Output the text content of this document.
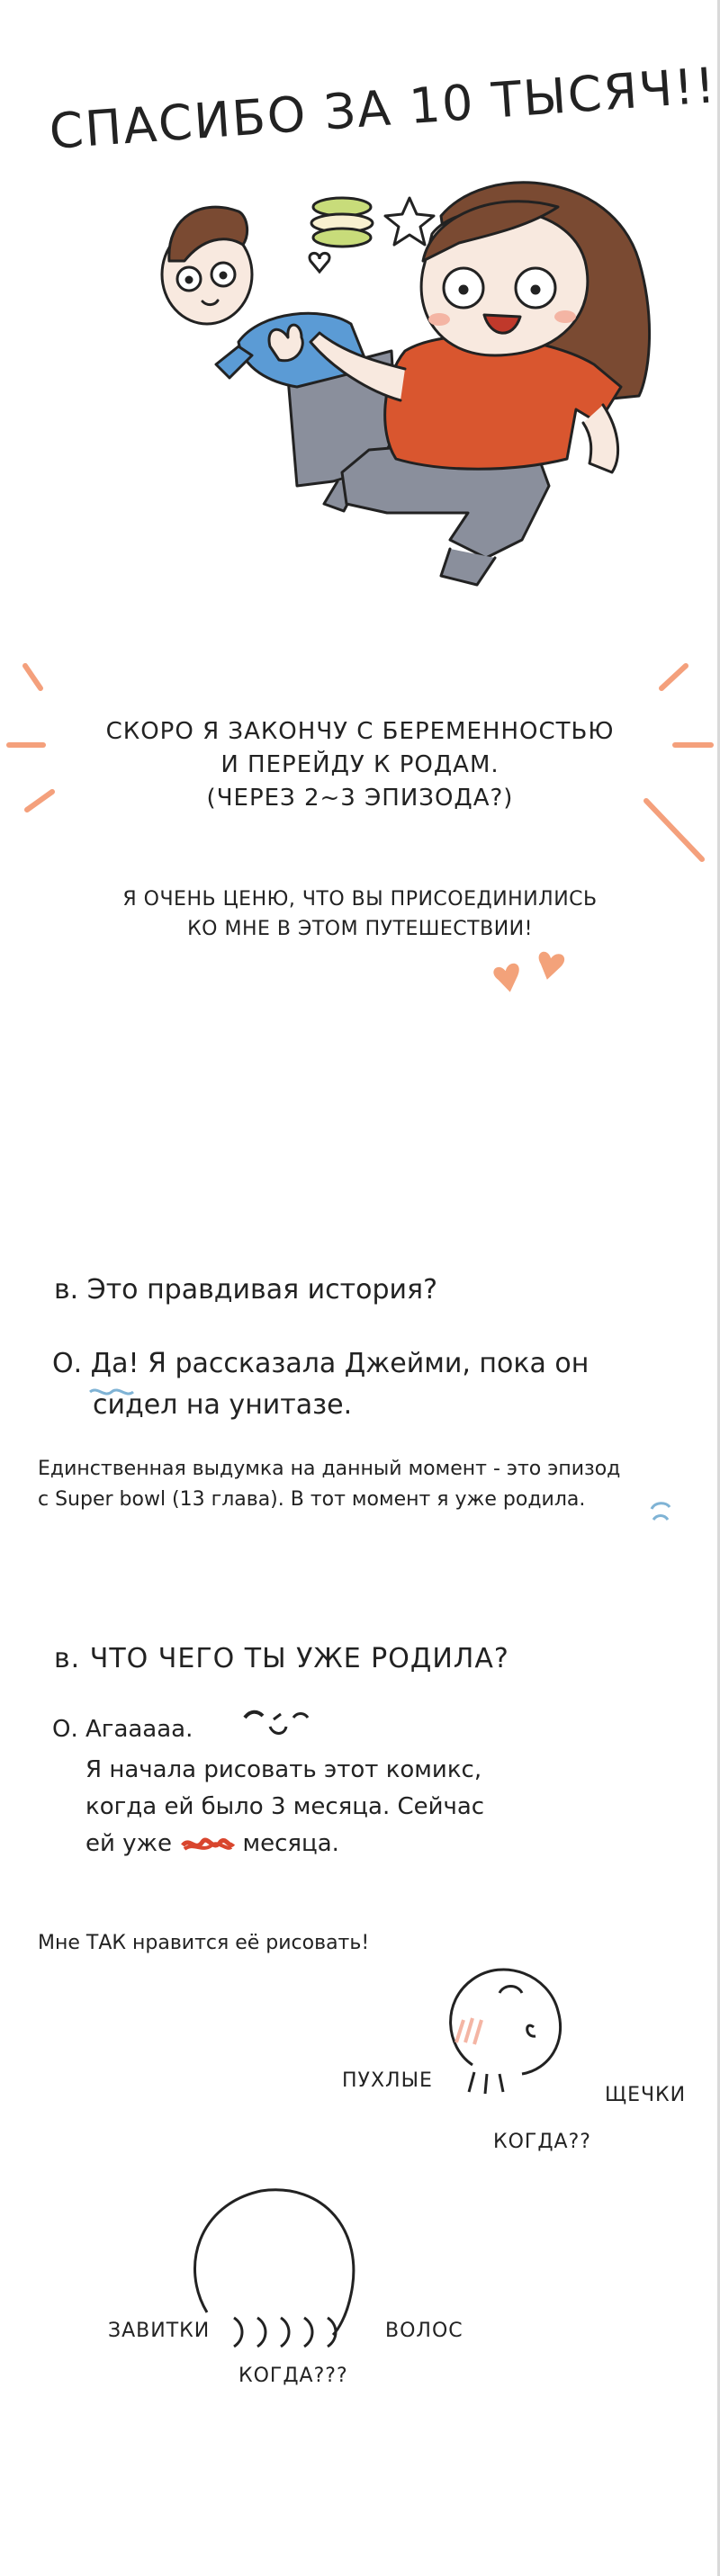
СПАСИБО ЗА 10 ТЫСЯЧ!!
СКОРО Я ЗАКОНЧУ С БЕРЕМЕННОСТЬЮ
И ПЕРЕЙДУ К РОДАМ.
(ЧЕРЕЗ 2~3 ЭПИЗОДА?)
Я ОЧЕНЬ ЦЕНЮ, ЧТО ВЫ ПРИСОЕДИНИЛИСЬ
КО МНЕ В ЭТОМ ПУТЕШЕСТВИИ!
в. Это правдивая история?
О. Да! Я рассказала Джейми, пока он
сидел на унитазе.
Единственная выдумка на данный момент - это эпизод
с Super bowl (13 глава). В тот момент я уже родила.
в. ЧТО ЧЕГО ТЫ УЖЕ РОДИЛА?
О. Агааааа.
Я начала рисовать этот комикс,
когда ей было 3 месяца. Сейчас
ей уже	месяца.
Мне ТАК нравится её рисовать!
ПУХЛЫЕ
ЩЕЧКИ
КОГДА??
ЗАВИТКИ	ВОЛОС
КОГДА???
